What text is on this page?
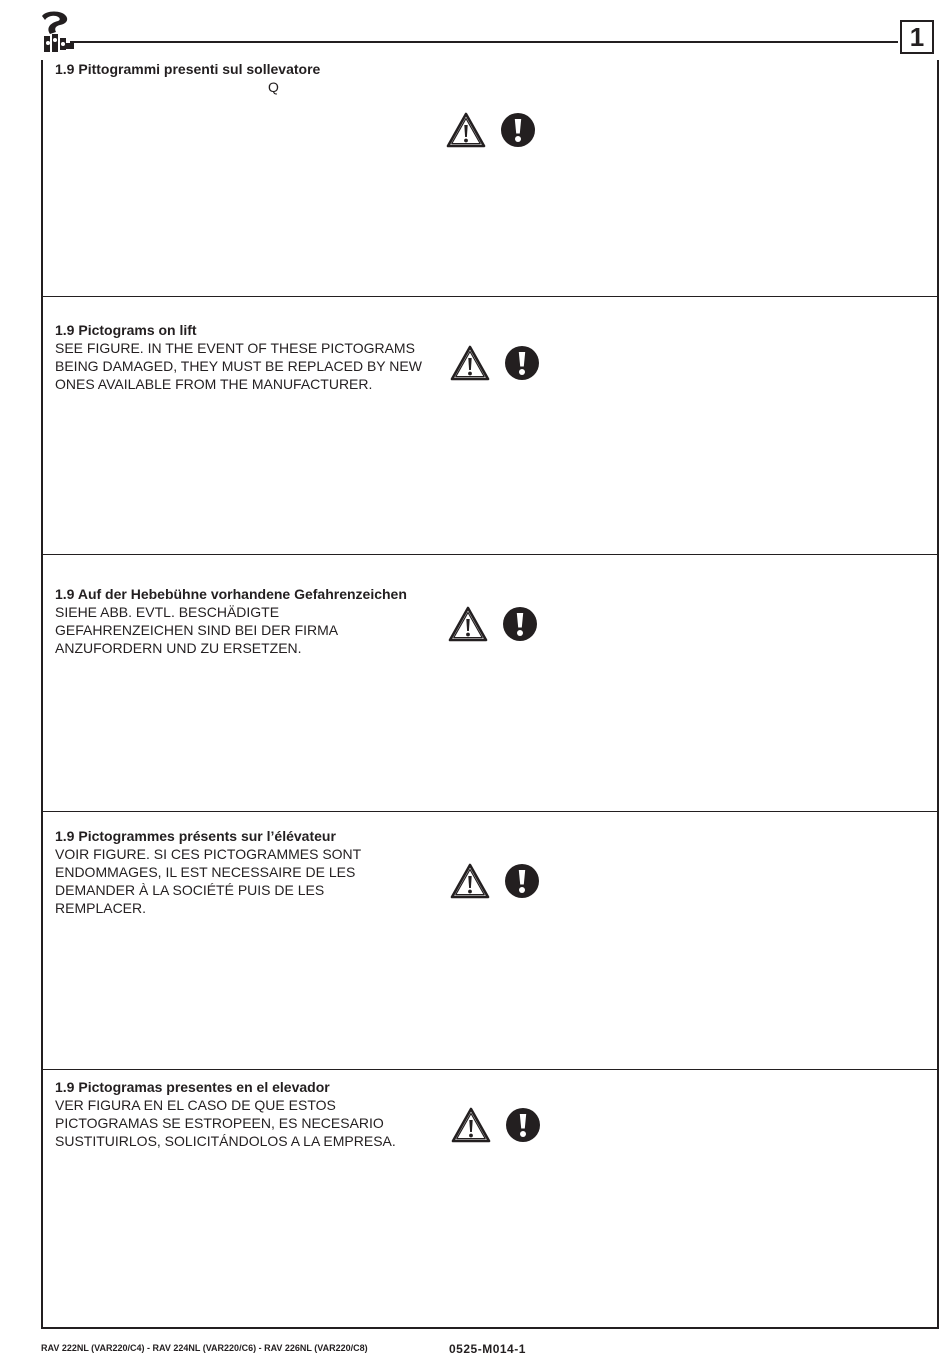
1
1.9 Pittogrammi presenti sul sollevatore
Q
1.9 Pictograms on lift
SEE FIGURE. IN THE EVENT OF THESE PICTOGRAMS
BEING DAMAGED, THEY MUST BE REPLACED BY NEW
ONES AVAILABLE FROM THE MANUFACTURER.
1.9 Auf der Hebebühne vorhandene Gefahrenzeichen
SIEHE ABB. EVTL. BESCHÄDIGTE
GEFAHRENZEICHEN SIND BEI DER FIRMA
ANZUFORDERN UND ZU ERSETZEN.
1.9 Pictogrammes présents sur l’élévateur
VOIR FIGURE. SI CES PICTOGRAMMES SONT
ENDOMMAGES, IL EST NECESSAIRE DE LES
DEMANDER À LA SOCIÉTÉ PUIS DE LES
REMPLACER.
1.9 Pictogramas presentes en el elevador
VER FIGURA EN EL CASO DE QUE ESTOS
PICTOGRAMAS SE ESTROPEEN, ES NECESARIO
SUSTITUIRLOS, SOLICITÁNDOLOS A LA EMPRESA.
RAV 222NL (VAR220/C4) - RAV 224NL (VAR220/C6) - RAV 226NL (VAR220/C8)	0525-M014-1
